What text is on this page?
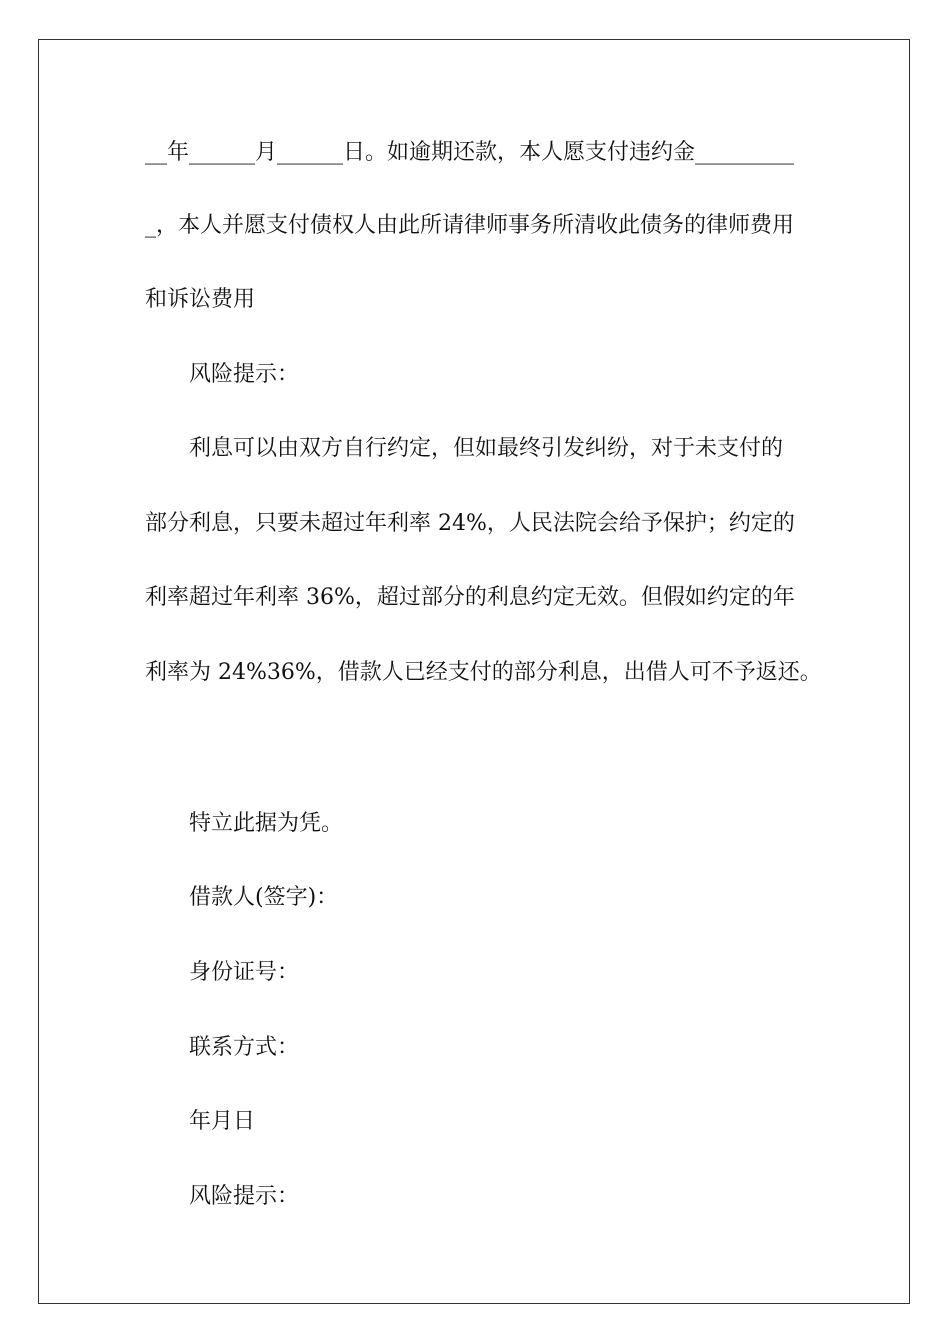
__年______月______日。如逾期还款，本人愿支付违约金_________
_，本人并愿支付债权人由此所请律师事务所清收此债务的律师费用
和诉讼费用
风险提示：
利息可以由双方自行约定，但如最终引发纠纷，对于未支付的
部分利息，只要未超过年利率 24%，人民法院会给予保护；约定的
利率超过年利率 36%，超过部分的利息约定无效。但假如约定的年
利率为 24%36%，借款人已经支付的部分利息，出借人可不予返还。
特立此据为凭。
借款人(签字)：
身份证号：
联系方式：
年月日
风险提示：
